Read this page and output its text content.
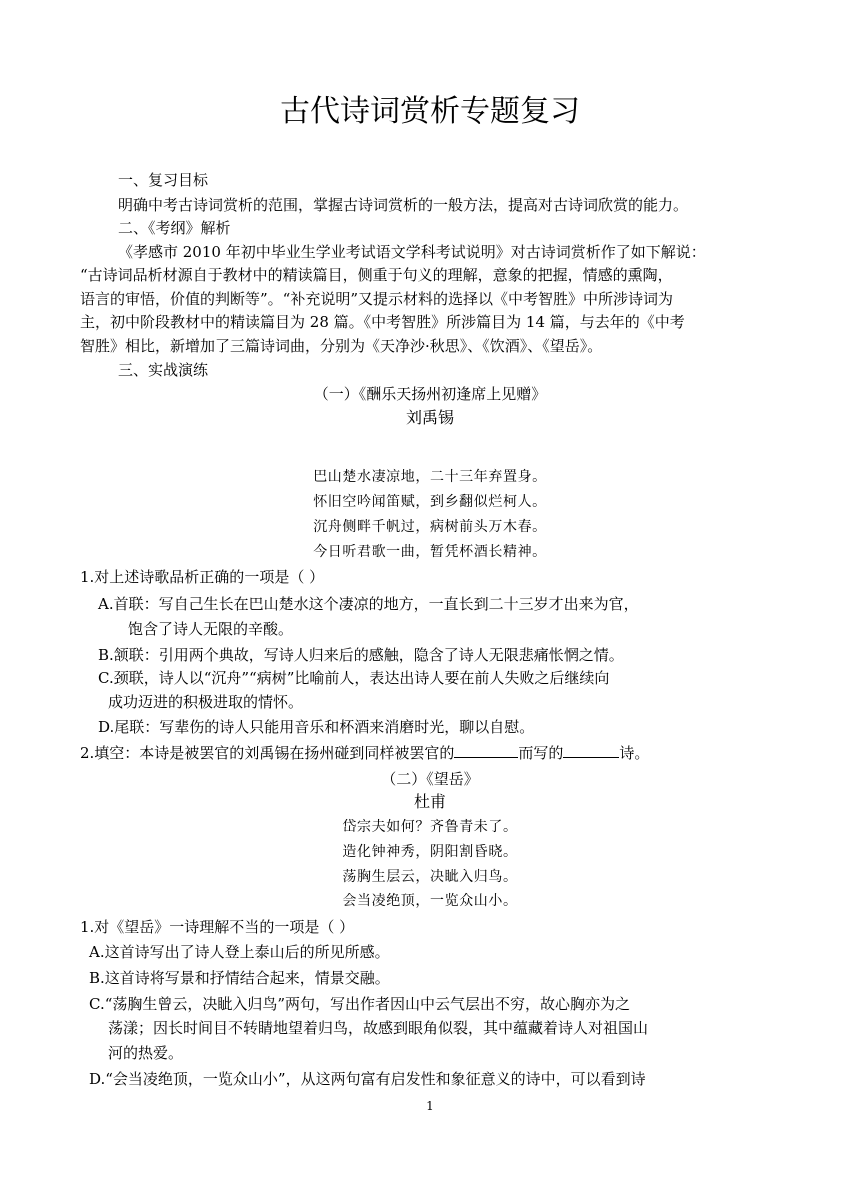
古代诗词赏析专题复习
一、复习目标
明确中考古诗词赏析的范围，掌握古诗词赏析的一般方法，提高对古诗词欣赏的能力。
二、《考纲》解析
《孝感市 2010 年初中毕业生学业考试语文学科考试说明》对古诗词赏析作了如下解说：
“古诗词品析材源自于教材中的精读篇目，侧重于句义的理解，意象的把握，情感的熏陶，
语言的审悟，价值的判断等”。“补充说明”又提示材料的选择以《中考智胜》中所涉诗词为
主，初中阶段教材中的精读篇目为 28 篇。《中考智胜》所涉篇目为 14 篇，与去年的《中考
智胜》相比，新增加了三篇诗词曲，分别为《天净沙·秋思》、《饮酒》、《望岳》。
三、实战演练
（一）《酬乐天扬州初逢席上见赠》
刘禹锡
巴山楚水凄凉地，二十三年弃置身。
怀旧空吟闻笛赋，到乡翻似烂柯人。
沉舟侧畔千帆过，病树前头万木春。
今日听君歌一曲，暂凭杯酒长精神。
1.对上述诗歌品析正确的一项是（ ）
A.首联：写自己生长在巴山楚水这个凄凉的地方，一直长到二十三岁才出来为官，
饱含了诗人无限的辛酸。
B.颔联：引用两个典故，写诗人归来后的感触，隐含了诗人无限悲痛怅惘之情。
C.颈联，诗人以“沉舟”“病树”比喻前人，表达出诗人要在前人失败之后继续向
成功迈进的积极进取的情怀。
D.尾联：写辈伤的诗人只能用音乐和杯酒来消磨时光，聊以自慰。
2.填空：本诗是被罢官的刘禹锡在扬州碰到同样被罢官的	而写的	诗。
（二）《望岳》
杜甫
岱宗夫如何？齐鲁青未了。
造化钟神秀，阴阳割昏晓。
荡胸生层云，决眦入归鸟。
会当凌绝顶，一览众山小。
1.对《望岳》一诗理解不当的一项是（ ）
A.这首诗写出了诗人登上泰山后的所见所感。
B.这首诗将写景和抒情结合起来，情景交融。
C.“荡胸生曾云，决眦入归鸟”两句，写出作者因山中云气层出不穷，故心胸亦为之
荡漾；因长时间目不转睛地望着归鸟，故感到眼角似裂，其中蕴藏着诗人对祖国山
河的热爱。
D.“会当凌绝顶，一览众山小”，从这两句富有启发性和象征意义的诗中，可以看到诗
1
